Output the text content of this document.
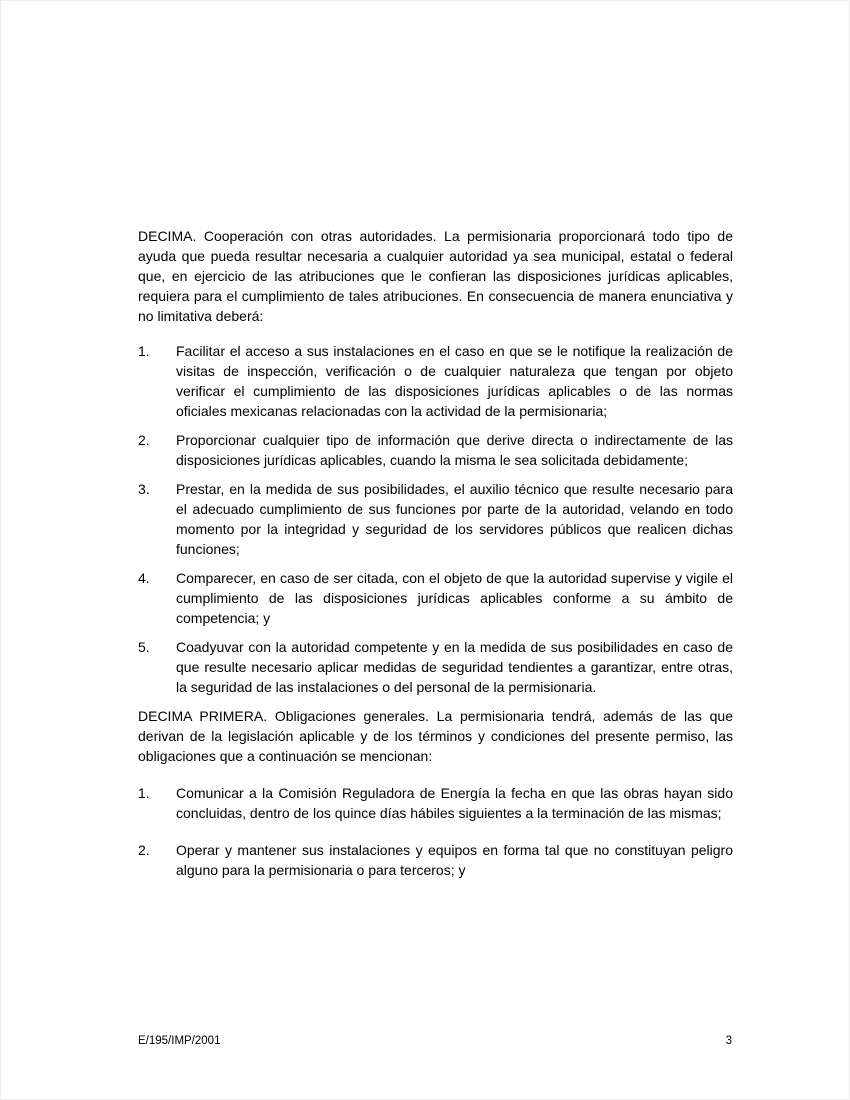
DECIMA. Cooperación con otras autoridades. La permisionaria proporcionará todo tipo de ayuda que pueda resultar necesaria a cualquier autoridad ya sea municipal, estatal o federal que, en ejercicio de las atribuciones que le confieran las disposiciones jurídicas aplicables, requiera para el cumplimiento de tales atribuciones. En consecuencia de manera enunciativa y no limitativa deberá:

1.	Facilitar el acceso a sus instalaciones en el caso en que se le notifique la realización de visitas de inspección, verificación o de cualquier naturaleza que tengan por objeto verificar el cumplimiento de las disposiciones jurídicas aplicables o de las normas oficiales mexicanas relacionadas con la actividad de la permisionaria;
2.	Proporcionar cualquier tipo de información que derive directa o indirectamente de las disposiciones jurídicas aplicables, cuando la misma le sea solicitada debidamente;
3.	Prestar, en la medida de sus posibilidades, el auxilio técnico que resulte necesario para el adecuado cumplimiento de sus funciones por parte de la autoridad, velando en todo momento por la integridad y seguridad de los servidores públicos que realicen dichas funciones;
4.	Comparecer, en caso de ser citada, con el objeto de que la autoridad supervise y vigile el cumplimiento de las disposiciones jurídicas aplicables conforme a su ámbito de competencia; y
5.	Coadyuvar con la autoridad competente y en la medida de sus posibilidades en caso de que resulte necesario aplicar medidas de seguridad tendientes a garantizar, entre otras, la seguridad de las instalaciones o del personal de la permisionaria.

DECIMA PRIMERA. Obligaciones generales. La permisionaria tendrá, además de las que derivan de la legislación aplicable y de los términos y condiciones del presente permiso, las obligaciones que a continuación se mencionan:

1.	Comunicar a la Comisión Reguladora de Energía la fecha en que las obras hayan sido concluidas, dentro de los quince días hábiles siguientes a la terminación de las mismas;
2.	Operar y mantener sus instalaciones y equipos en forma tal que no constituyan peligro alguno para la permisionaria o para terceros; y
E/195/IMP/2001	3
